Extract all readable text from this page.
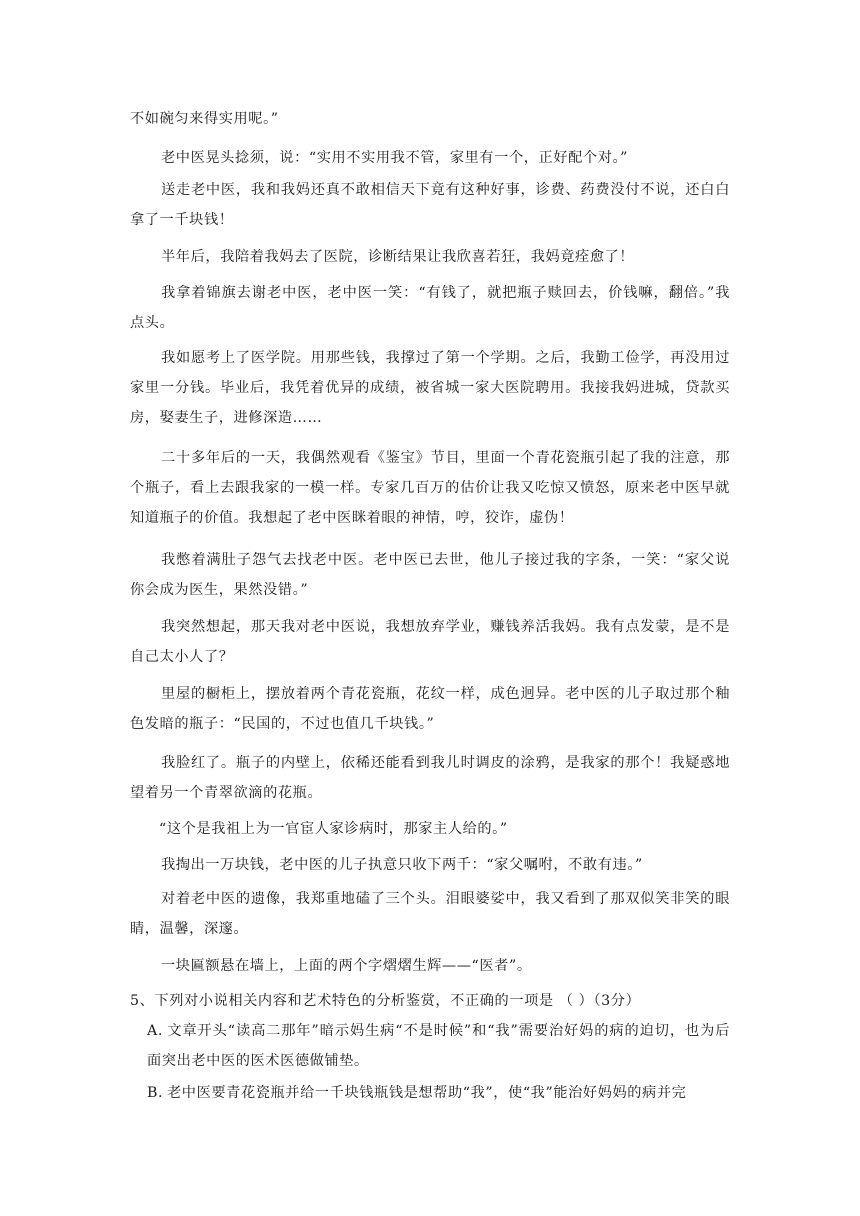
不如碗匀来得实用呢。”

老中医晃头捻须，说：“实用不实用我不管，家里有一个，正好配个对。”

送走老中医，我和我妈还真不敢相信天下竟有这种好事，诊费、药费没付不说，还白白拿了一千块钱！

半年后，我陪着我妈去了医院，诊断结果让我欣喜若狂，我妈竟痊愈了！

我拿着锦旗去谢老中医，老中医一笑：“有钱了，就把瓶子赎回去，价钱嘛，翻倍。”我点头。

我如愿考上了医学院。用那些钱，我撑过了第一个学期。之后，我勤工俭学，再没用过家里一分钱。毕业后，我凭着优异的成绩，被省城一家大医院聘用。我接我妈进城，贷款买房，娶妻生子，进修深造……

二十多年后的一天，我偶然观看《鉴宝》节目，里面一个青花瓷瓶引起了我的注意，那个瓶子，看上去跟我家的一模一样。专家几百万的估价让我又吃惊又愤怒，原来老中医早就知道瓶子的价值。我想起了老中医眯着眼的神情，哼，狡诈，虚伪！

我憋着满肚子怨气去找老中医。老中医已去世，他儿子接过我的字条，一笑：“家父说你会成为医生，果然没错。”

我突然想起，那天我对老中医说，我想放弃学业，赚钱养活我妈。我有点发蒙，是不是自己太小人了？

里屋的橱柜上，摆放着两个青花瓷瓶，花纹一样，成色迥异。老中医的儿子取过那个釉色发暗的瓶子：“民国的，不过也值几千块钱。”

我脸红了。瓶子的内壁上，依稀还能看到我儿时调皮的涂鸦，是我家的那个！我疑惑地望着另一个青翠欲滴的花瓶。

“这个是我祖上为一官宦人家诊病时，那家主人给的。”

我掏出一万块钱，老中医的儿子执意只收下两千：“家父嘱咐，不敢有违。”

对着老中医的遗像，我郑重地磕了三个头。泪眼婆娑中，我又看到了那双似笑非笑的眼睛，温馨，深邃。

一块匾额悬在墙上，上面的两个字熠熠生辉——“医者”。

5、下列对小说相关内容和艺术特色的分析鉴赏，不正确的一项是 （ ）（3分）

A. 文章开头“读高二那年”暗示妈生病“不是时候”和“我”需要治好妈的病的迫切，也为后面突出老中医的医术医德做铺垫。
B. 老中医要青花瓷瓶并给一千块钱瓶钱是想帮助“我”，使“我”能治好妈妈的病并完
